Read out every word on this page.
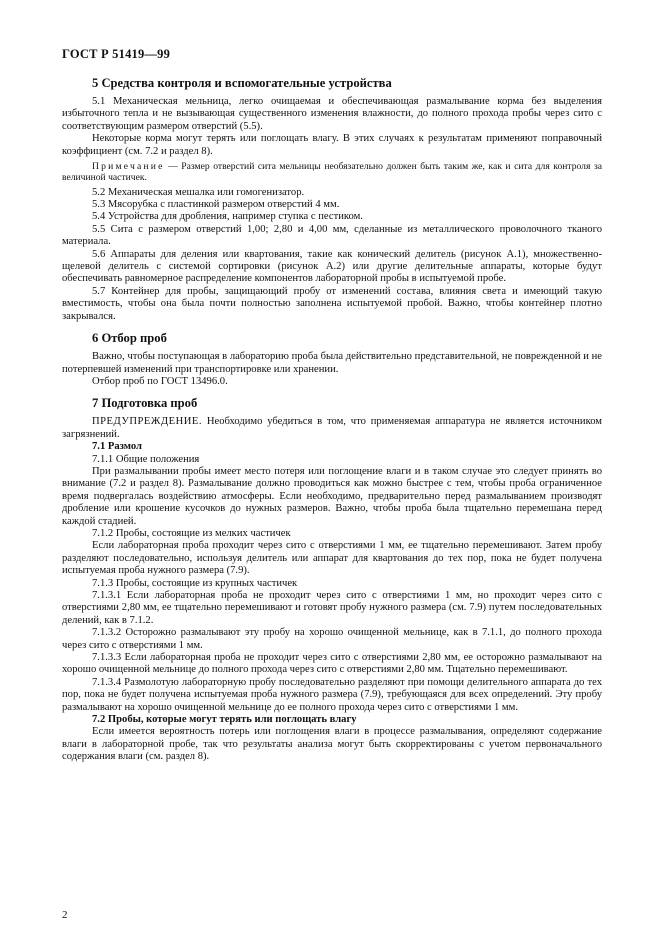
ГОСТ Р 51419—99
5 Средства контроля и вспомогательные устройства

5.1 Механическая мельница, легко очищаемая и обеспечивающая размалывание корма без выделения избыточного тепла и не вызывающая существенного изменения влажности, до полного прохода пробы через сито с соответствующим размером отверстий (5.5).

Некоторые корма могут терять или поглощать влагу. В этих случаях к результатам применяют поправочный коэффициент (см. 7.2 и раздел 8).

Примечание — Размер отверстий сита мельницы необязательно должен быть таким же, как и сита для контроля за величиной частичек.

5.2 Механическая мешалка или гомогенизатор.

5.3 Мясорубка с пластинкой размером отверстий 4 мм.

5.4 Устройства для дробления, например ступка с пестиком.

5.5 Сита с размером отверстий 1,00; 2,80 и 4,00 мм, сделанные из металлического проволочного тканого материала.

5.6 Аппараты для деления или квартования, такие как конический делитель (рисунок А.1), множественно-щелевой делитель с системой сортировки (рисунок А.2) или другие делительные аппараты, которые будут обеспечивать равномерное распределение компонентов лабораторной пробы в испытуемой пробе.

5.7 Контейнер для пробы, защищающий пробу от изменений состава, влияния света и имеющий такую вместимость, чтобы она была почти полностью заполнена испытуемой пробой. Важно, чтобы контейнер плотно закрывался.

6 Отбор проб

Важно, чтобы поступающая в лабораторию проба была действительно представительной, не поврежденной и не потерпевшей изменений при транспортировке или хранении.

Отбор проб по ГОСТ 13496.0.

7 Подготовка проб

ПРЕДУПРЕЖДЕНИЕ. Необходимо убедиться в том, что применяемая аппаратура не является источником загрязнений.

7.1 Размол

7.1.1 Общие положения

При размалывании пробы имеет место потеря или поглощение влаги и в таком случае это следует принять во внимание (7.2 и раздел 8). Размалывание должно проводиться как можно быстрее с тем, чтобы проба ограниченное время подвергалась воздействию атмосферы. Если необходимо, предварительно перед размалыванием производят дробление или крошение кусочков до нужных размеров. Важно, чтобы проба была тщательно перемешана перед каждой стадией.

7.1.2 Пробы, состоящие из мелких частичек

Если лабораторная проба проходит через сито с отверстиями 1 мм, ее тщательно перемешивают. Затем пробу разделяют последовательно, используя делитель или аппарат для квартования до тех пор, пока не будет получена испытуемая проба нужного размера (7.9).

7.1.3 Пробы, состоящие из крупных частичек

7.1.3.1 Если лабораторная проба не проходит через сито с отверстиями 1 мм, но проходит через сито с отверстиями 2,80 мм, ее тщательно перемешивают и готовят пробу нужного размера (см. 7.9) путем последовательных делений, как в 7.1.2.

7.1.3.2 Осторожно размалывают эту пробу на хорошо очищенной мельнице, как в 7.1.1, до полного прохода через сито с отверстиями 1 мм.

7.1.3.3 Если лабораторная проба не проходит через сито с отверстиями 2,80 мм, ее осторожно размалывают на хорошо очищенной мельнице до полного прохода через сито с отверстиями 2,80 мм. Тщательно перемешивают.

7.1.3.4 Размолотую лабораторную пробу последовательно разделяют при помощи делительного аппарата до тех пор, пока не будет получена испытуемая проба нужного размера (7.9), требующаяся для всех определений. Эту пробу размалывают на хорошо очищенной мельнице до ее полного прохода через сито с отверстиями 1 мм.

7.2 Пробы, которые могут терять или поглощать влагу

Если имеется вероятность потерь или поглощения влаги в процессе размалывания, определяют содержание влаги в лабораторной пробе, так что результаты анализа могут быть скорректированы с учетом первоначального содержания влаги (см. раздел 8).

2
